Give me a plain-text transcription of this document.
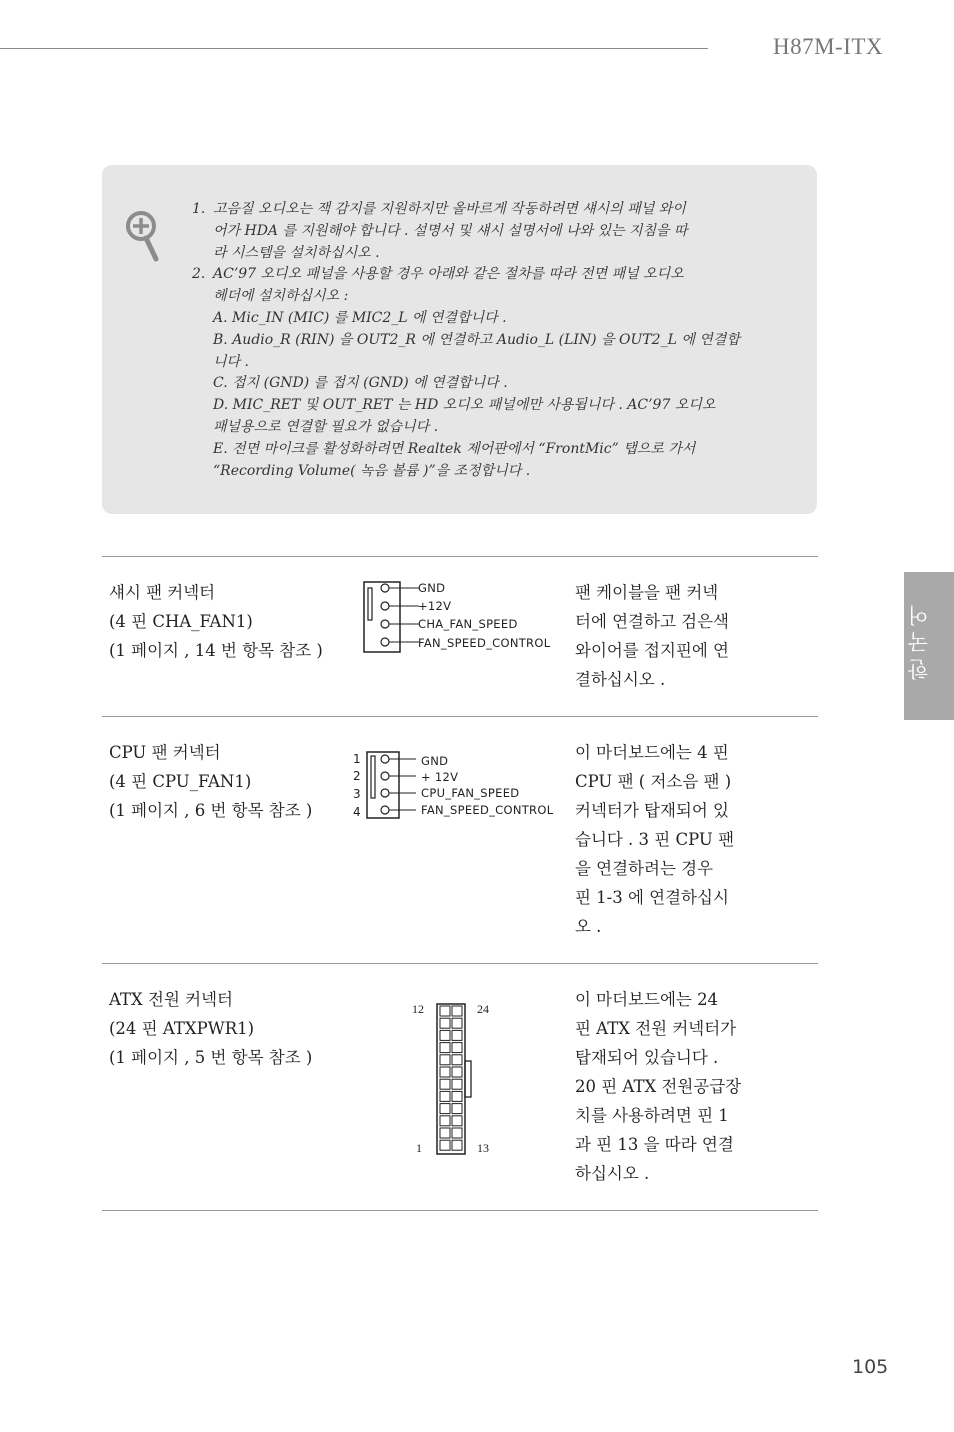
H87M-ITX
1. 고음질 오디오는 잭 감지를 지원하지만 올바르게 작동하려면 섀시의 패널 와이
어가 HDA 를 지원해야 합니다 . 설명서 및 섀시 설명서에 나와 있는 지침을 따
라 시스템을 설치하십시오 .
2. AC’97 오디오 패널을 사용할 경우 아래와 같은 절차를 따라 전면 패널 오디오
헤더에 설치하십시오 :
A. Mic_IN (MIC) 를 MIC2_L 에 연결합니다 .
B. Audio_R (RIN) 을 OUT2_R 에 연결하고 Audio_L (LIN) 을 OUT2_L 에 연결합
니다 .
C. 접지 (GND) 를 접지 (GND) 에 연결합니다 .
D. MIC_RET 및 OUT_RET 는 HD 오디오 패널에만 사용됩니다 . AC’97 오디오
패널용으로 연결할 필요가 없습니다 .
E. 전면 마이크를 활성화하려면 Realtek 제어판에서 “FrontMic” 탭으로 가서
“Recording Volume( 녹음 볼륨 )”을 조정합니다 .
섀시 팬 커넥터
(4 핀 CHA_FAN1)
(1 페이지 , 14 번 항목 참조 )
GND
+12V
CHA_FAN_SPEED
FAN_SPEED_CONTROL
팬 케이블을 팬 커넥
터에 연결하고 검은색
와이어를 접지핀에 연
결하십시오 .
CPU 팬 커넥터
(4 핀 CPU_FAN1)
(1 페이지 , 6 번 항목 참조 )
1
2
3
4
GND
+ 12V
CPU_FAN_SPEED
FAN_SPEED_CONTROL
이 마더보드에는 4 핀
CPU 팬 ( 저소음 팬 )
커넥터가 탑재되어 있
습니다 . 3 핀 CPU 팬
을 연결하려는 경우
핀 1-3 에 연결하십시
오 .
ATX 전원 커넥터
(24 핀 ATXPWR1)
(1 페이지 , 5 번 항목 참조 )
12	24
1	13
이 마더보드에는 24
핀 ATX 전원 커넥터가
탑재되어 있습니다 .
20 핀 ATX 전원공급장
치를 사용하려면 핀 1
과 핀 13 을 따라 연결
하십시오 .
한국어
105
